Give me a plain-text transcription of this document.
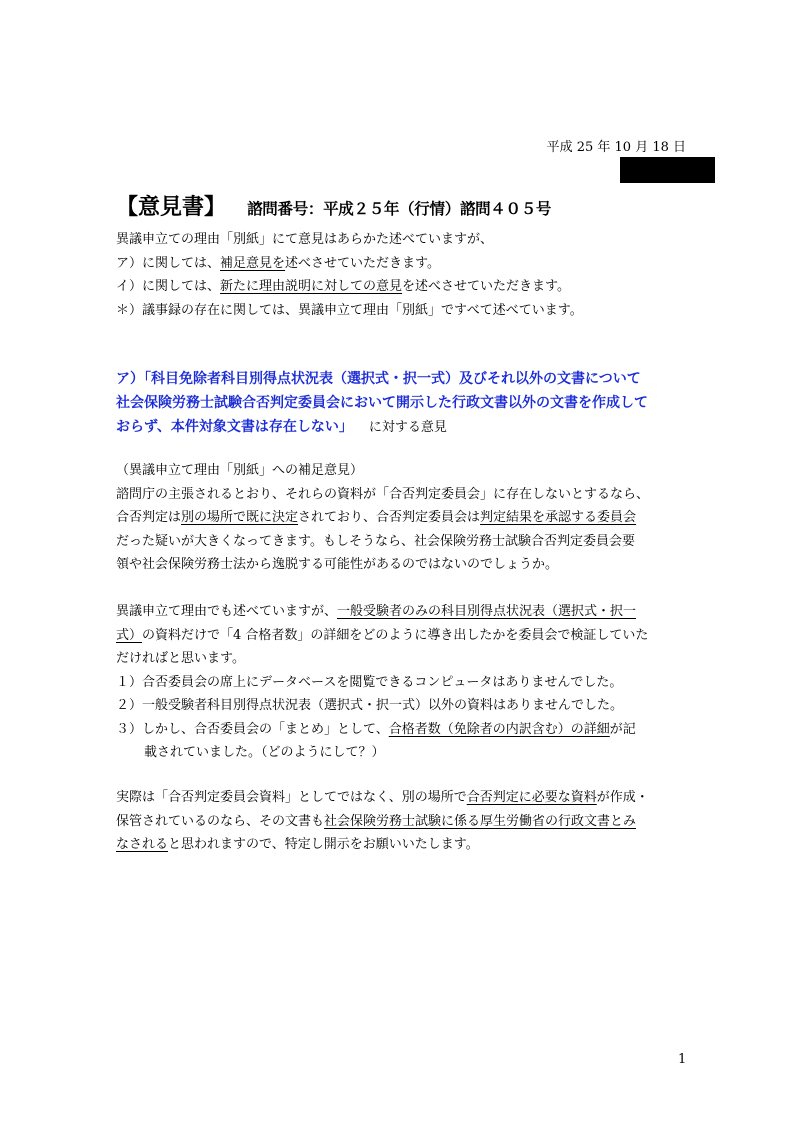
平成 25 年 10 月 18 日
【意見書】 諮問番号：平成２５年（行情）諮問４０５号
異議申立ての理由「別紙」にて意見はあらかた述べていますが、
ア）に関しては、補足意見を述べさせていただきます。
イ）に関しては、新たに理由説明に対しての意見を述べさせていただきます。
＊）議事録の存在に関しては、異議申立て理由「別紙」ですべて述べています。
ア）「科目免除者科目別得点状況表（選択式・択一式）及びそれ以外の文書について
社会保険労務士試験合否判定委員会において開示した行政文書以外の文書を作成して
おらず、本件対象文書は存在しない」 に対する意見
（異議申立て理由「別紙」への補足意見）
諮問庁の主張されるとおり、それらの資料が「合否判定委員会」に存在しないとするなら、
合否判定は別の場所で既に決定されており、合否判定委員会は判定結果を承認する委員会
だった疑いが大きくなってきます。もしそうなら、社会保険労務士試験合否判定委員会要
領や社会保険労務士法から逸脱する可能性があるのではないのでしょうか。
異議申立て理由でも述べていますが、一般受験者のみの科目別得点状況表（選択式・択一
式）の資料だけで「4 合格者数」の詳細をどのように導き出したかを委員会で検証していた
だければと思います。
１）合否委員会の席上にデータベースを閲覧できるコンピュータはありませんでした。
２）一般受験者科目別得点状況表（選択式・択一式）以外の資料はありませんでした。
３）しかし、合否委員会の「まとめ」として、合格者数（免除者の内訳含む）の詳細が記
載されていました。（どのようにして？）
実際は「合否判定委員会資料」としてではなく、別の場所で合否判定に必要な資料が作成・
保管されているのなら、その文書も社会保険労務士試験に係る厚生労働省の行政文書とみ
なされると思われますので、特定し開示をお願いいたします。
1
